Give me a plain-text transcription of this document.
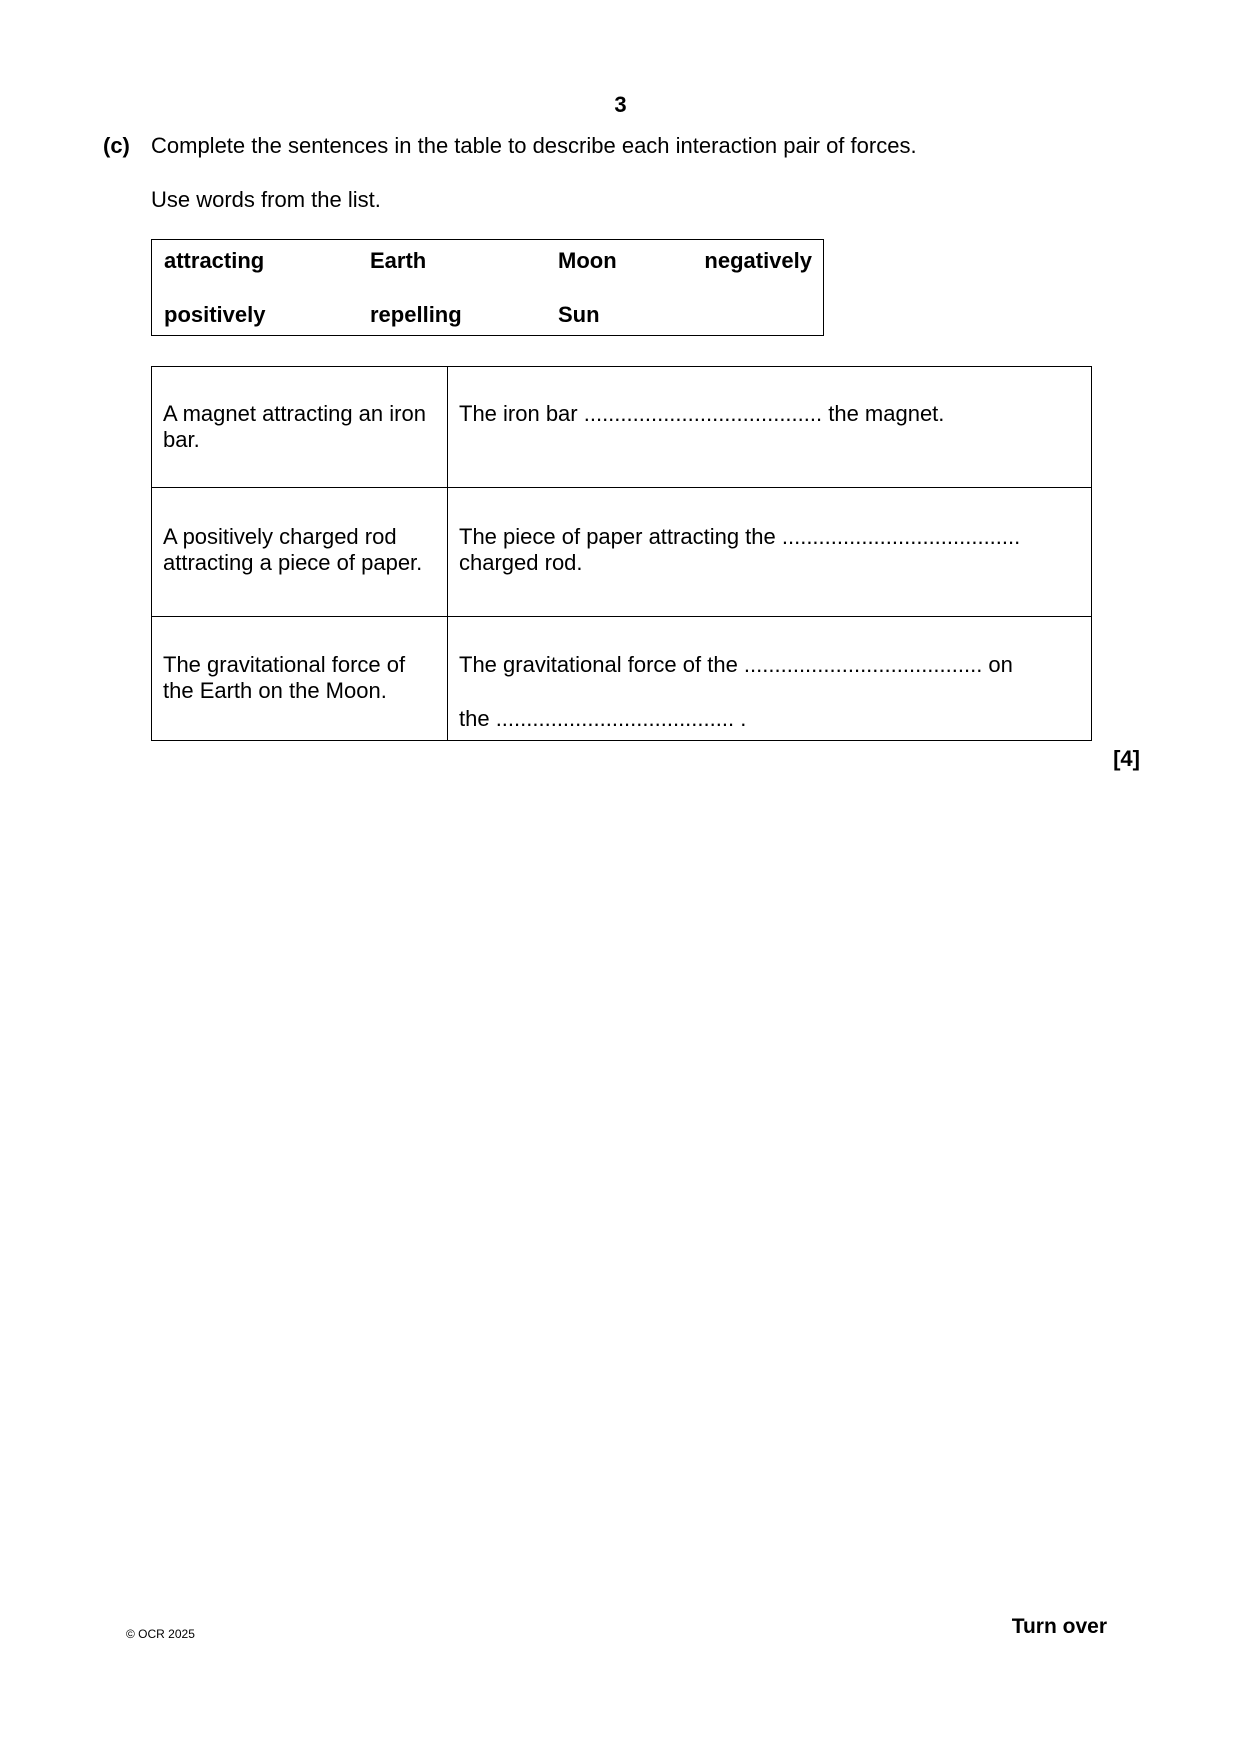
3
(c) Complete the sentences in the table to describe each interaction pair of forces.
Use words from the list.
attracting	Earth	Moon	negatively
positively	repelling	Sun
A magnet attracting an iron bar.	The iron bar ....................................... the magnet.
A positively charged rod attracting a piece of paper.	The piece of paper attracting the ....................................... charged rod.
The gravitational force of the Earth on the Moon.	The gravitational force of the ....................................... on
the ....................................... .
[4]
© OCR 2025	Turn over
